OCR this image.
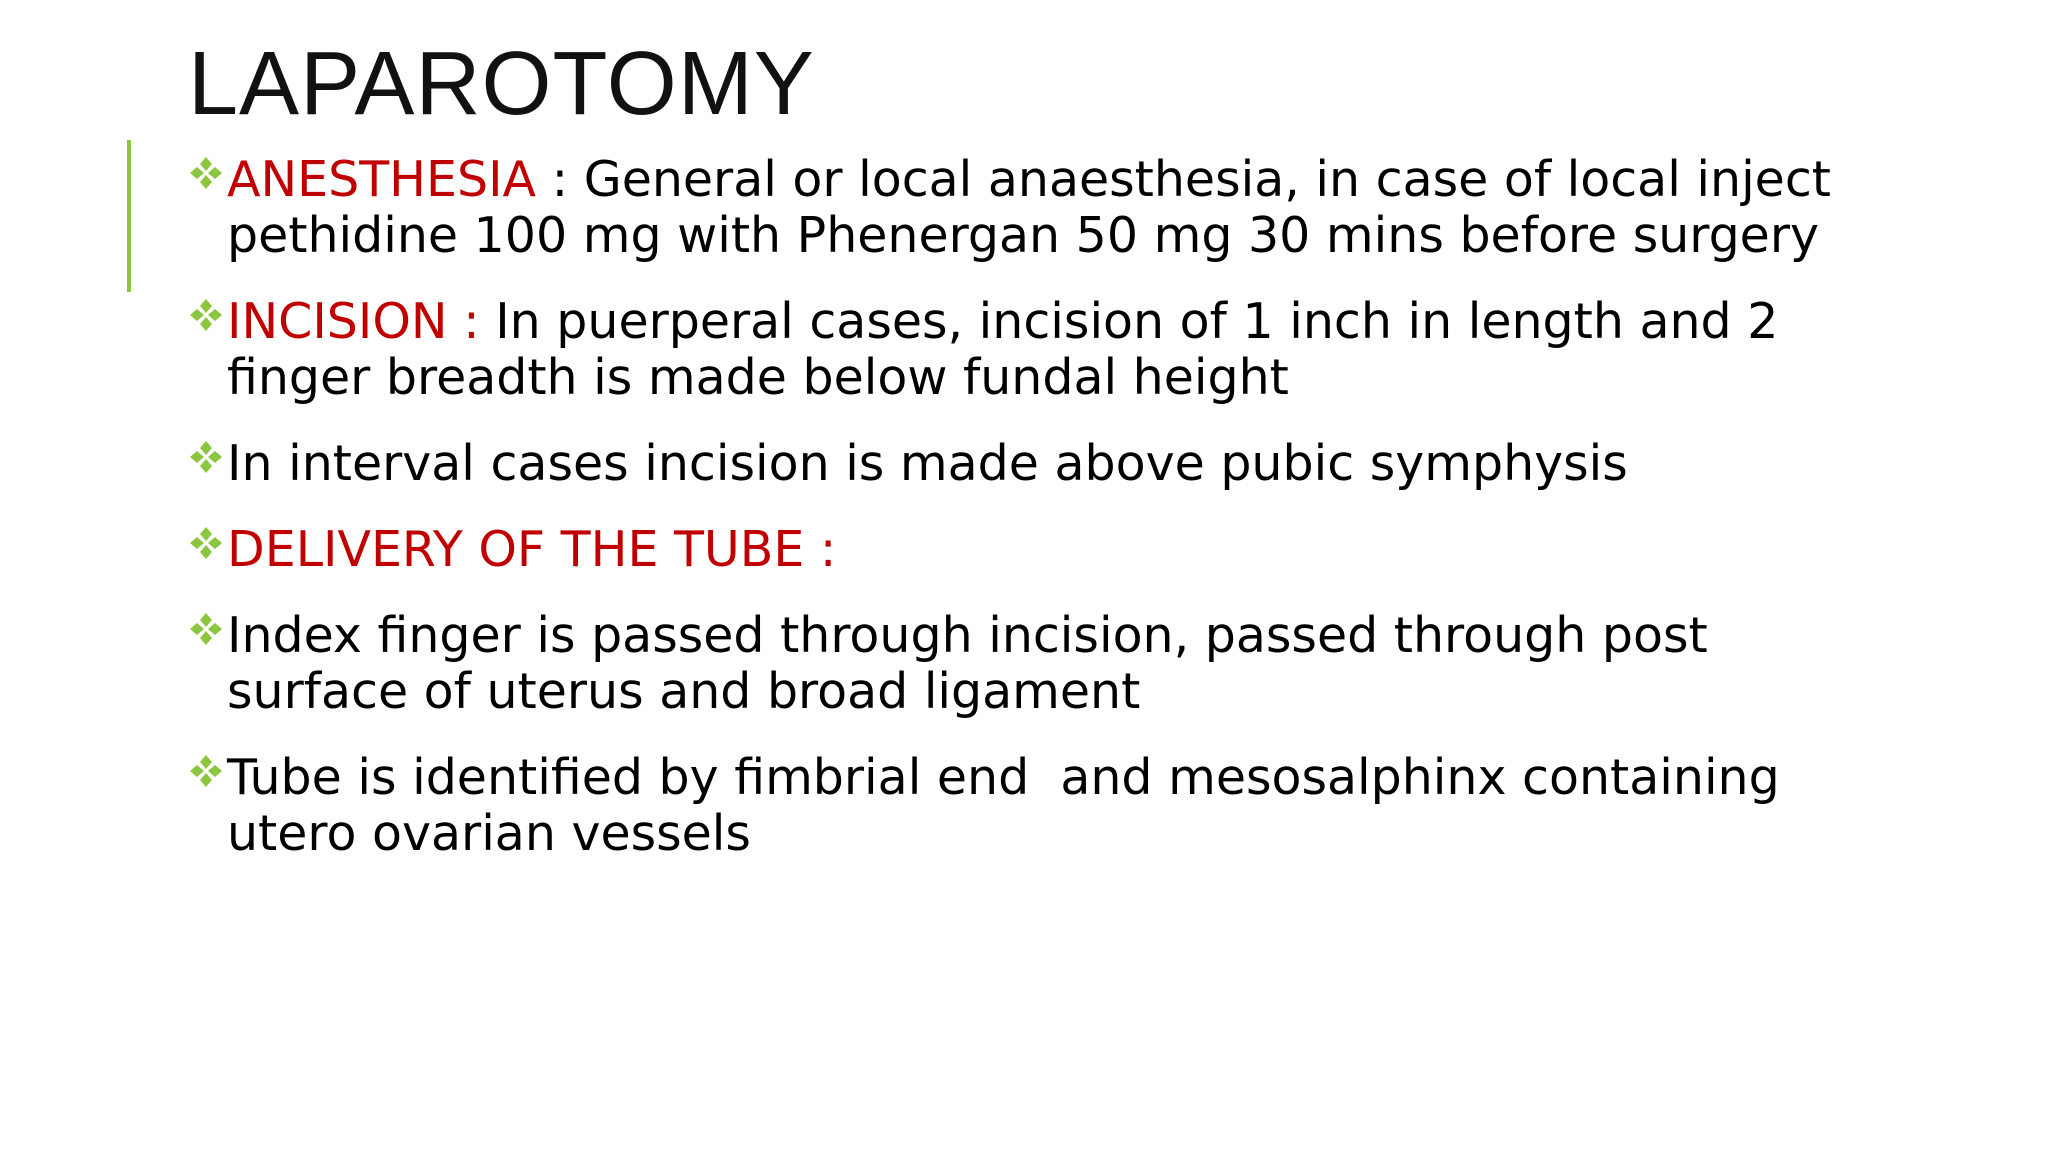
LAPAROTOMY
ANESTHESIA : General or local anaesthesia, in case of local inject pethidine 100 mg with Phenergan 50 mg 30 mins before surgery
INCISION : In puerperal cases, incision of 1 inch in length and 2 finger breadth is made below fundal height
In interval cases incision is made above pubic symphysis
DELIVERY OF THE TUBE :
Index finger is passed through incision, passed through post surface of uterus and broad ligament
Tube is identified by fimbrial end  and mesosalphinx containing utero ovarian vessels
